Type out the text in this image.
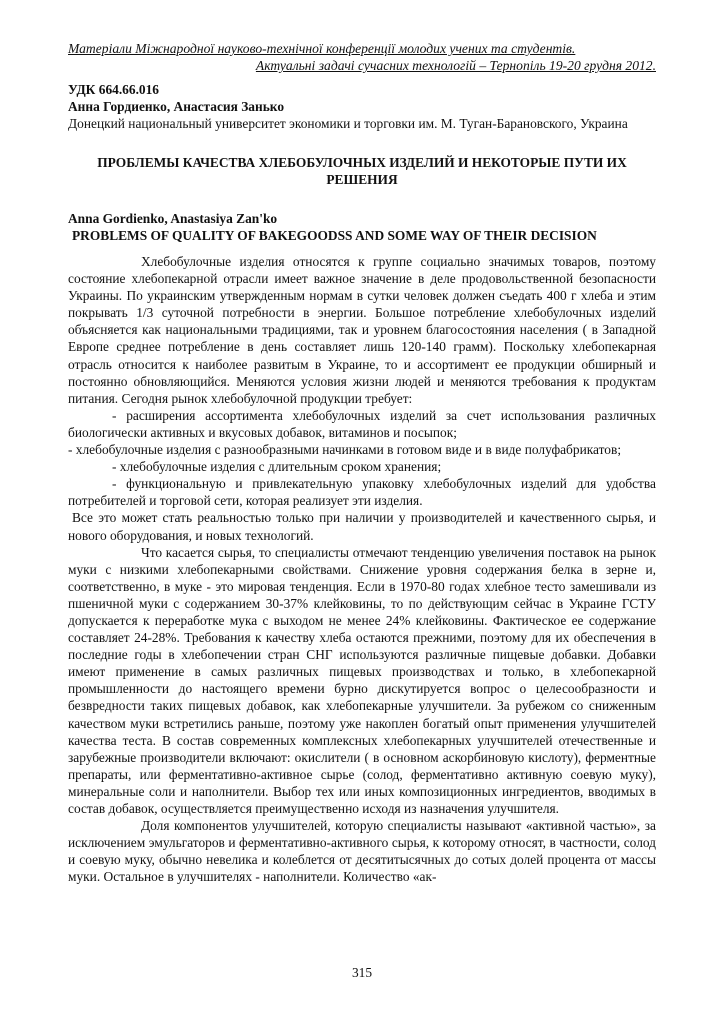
Матеріали Міжнародної науково-технічної конференції молодих учених та студентів.
Актуальні задачі сучасних технологій – Тернопіль 19-20 грудня 2012.
УДК 664.66.016
Анна Гордиенко, Анастасия Занько
Донецкий национальный университет экономики и торговки им. М. Туган-Барановского, Украина
ПРОБЛЕМЫ КАЧЕСТВА ХЛЕБОБУЛОЧНЫХ ИЗДЕЛИЙ И НЕКОТОРЫЕ ПУТИ ИХ РЕШЕНИЯ
Anna Gordienko, Anastasiya Zan'ko
PROBLEMS OF QUALITY OF BAKEGOODSS AND SOME WAY OF THEIR DECISION

Хлебобулочные изделия относятся к группе социально значимых товаров, поэтому состояние хлебопекарной отрасли имеет важное значение в деле продовольственной безопасности Украины. По украинским утвержденным нормам в сутки человек должен съедать 400 г хлеба и этим покрывать 1/3 суточной потребности в энергии. Большое потребление хлебобулочных изделий объясняется как национальными традициями, так и уровнем благосостояния населения ( в Западной Европе среднее потребление в день составляет лишь 120-140 грамм). Поскольку хлебопекарная отрасль относится к наиболее развитым в Украине, то и ассортимент ее продукции обширный и постоянно обновляющийся. Меняются условия жизни людей и меняются требования к продуктам питания. Сегодня рынок хлебобулочной продукции требует:

- расширения ассортимента хлебобулочных изделий за счет использования различных биологически активных и вкусовых добавок, витаминов и посыпок;

- хлебобулочные изделия с разнообразными начинками в готовом виде и в виде полуфабрикатов;

- хлебобулочные изделия с длительным сроком хранения;

- функциональную и привлекательную упаковку хлебобулочных изделий для удобства потребителей и торговой сети, которая реализует эти изделия.

Все это может стать реальностью только при наличии у производителей и качественного сырья, и нового оборудования, и новых технологий.

Что касается сырья, то специалисты отмечают тенденцию увеличения поставок на рынок муки с низкими хлебопекарными свойствами. Снижение уровня содержания белка в зерне и, соответственно, в муке - это мировая тенденция. Если в 1970-80 годах хлебное тесто замешивали из пшеничной муки с содержанием 30-37% клейковины, то по действующим сейчас в Украине ГСТУ допускается к переработке мука с выходом не менее 24% клейковины. Фактическое ее содержание составляет 24-28%. Требования к качеству хлеба остаются прежними, поэтому для их обеспечения в последние годы в хлебопечении стран СНГ используются различные пищевые добавки. Добавки имеют применение в самых различных пищевых производствах и только, в хлебопекарной промышленности до настоящего времени бурно дискутируется вопрос о целесообразности и безвредности таких пищевых добавок, как хлебопекарные улучшители. За рубежом со сниженным качеством муки встретились раньше, поэтому уже накоплен богатый опыт применения улучшителей качества теста. В состав современных комплексных хлебопекарных улучшителей отечественные и зарубежные производители включают: окислители ( в основном аскорбиновую кислоту), ферментные препараты, или ферментативно-активное сырье (солод, ферментативно активную соевую муку), минеральные соли и наполнители. Выбор тех или иных композиционных ингредиентов, вводимых в состав добавок, осуществляется преимущественно исходя из назначения улучшителя.

Доля компонентов улучшителей, которую специалисты называют «активной частью», за исключением эмульгаторов и ферментативно-активного сырья, к которому относят, в частности, солод и соевую муку, обычно невелика и колеблется от десятитысячных до сотых долей процента от массы муки. Остальное в улучшителях - наполнители. Количество «ак-

315
